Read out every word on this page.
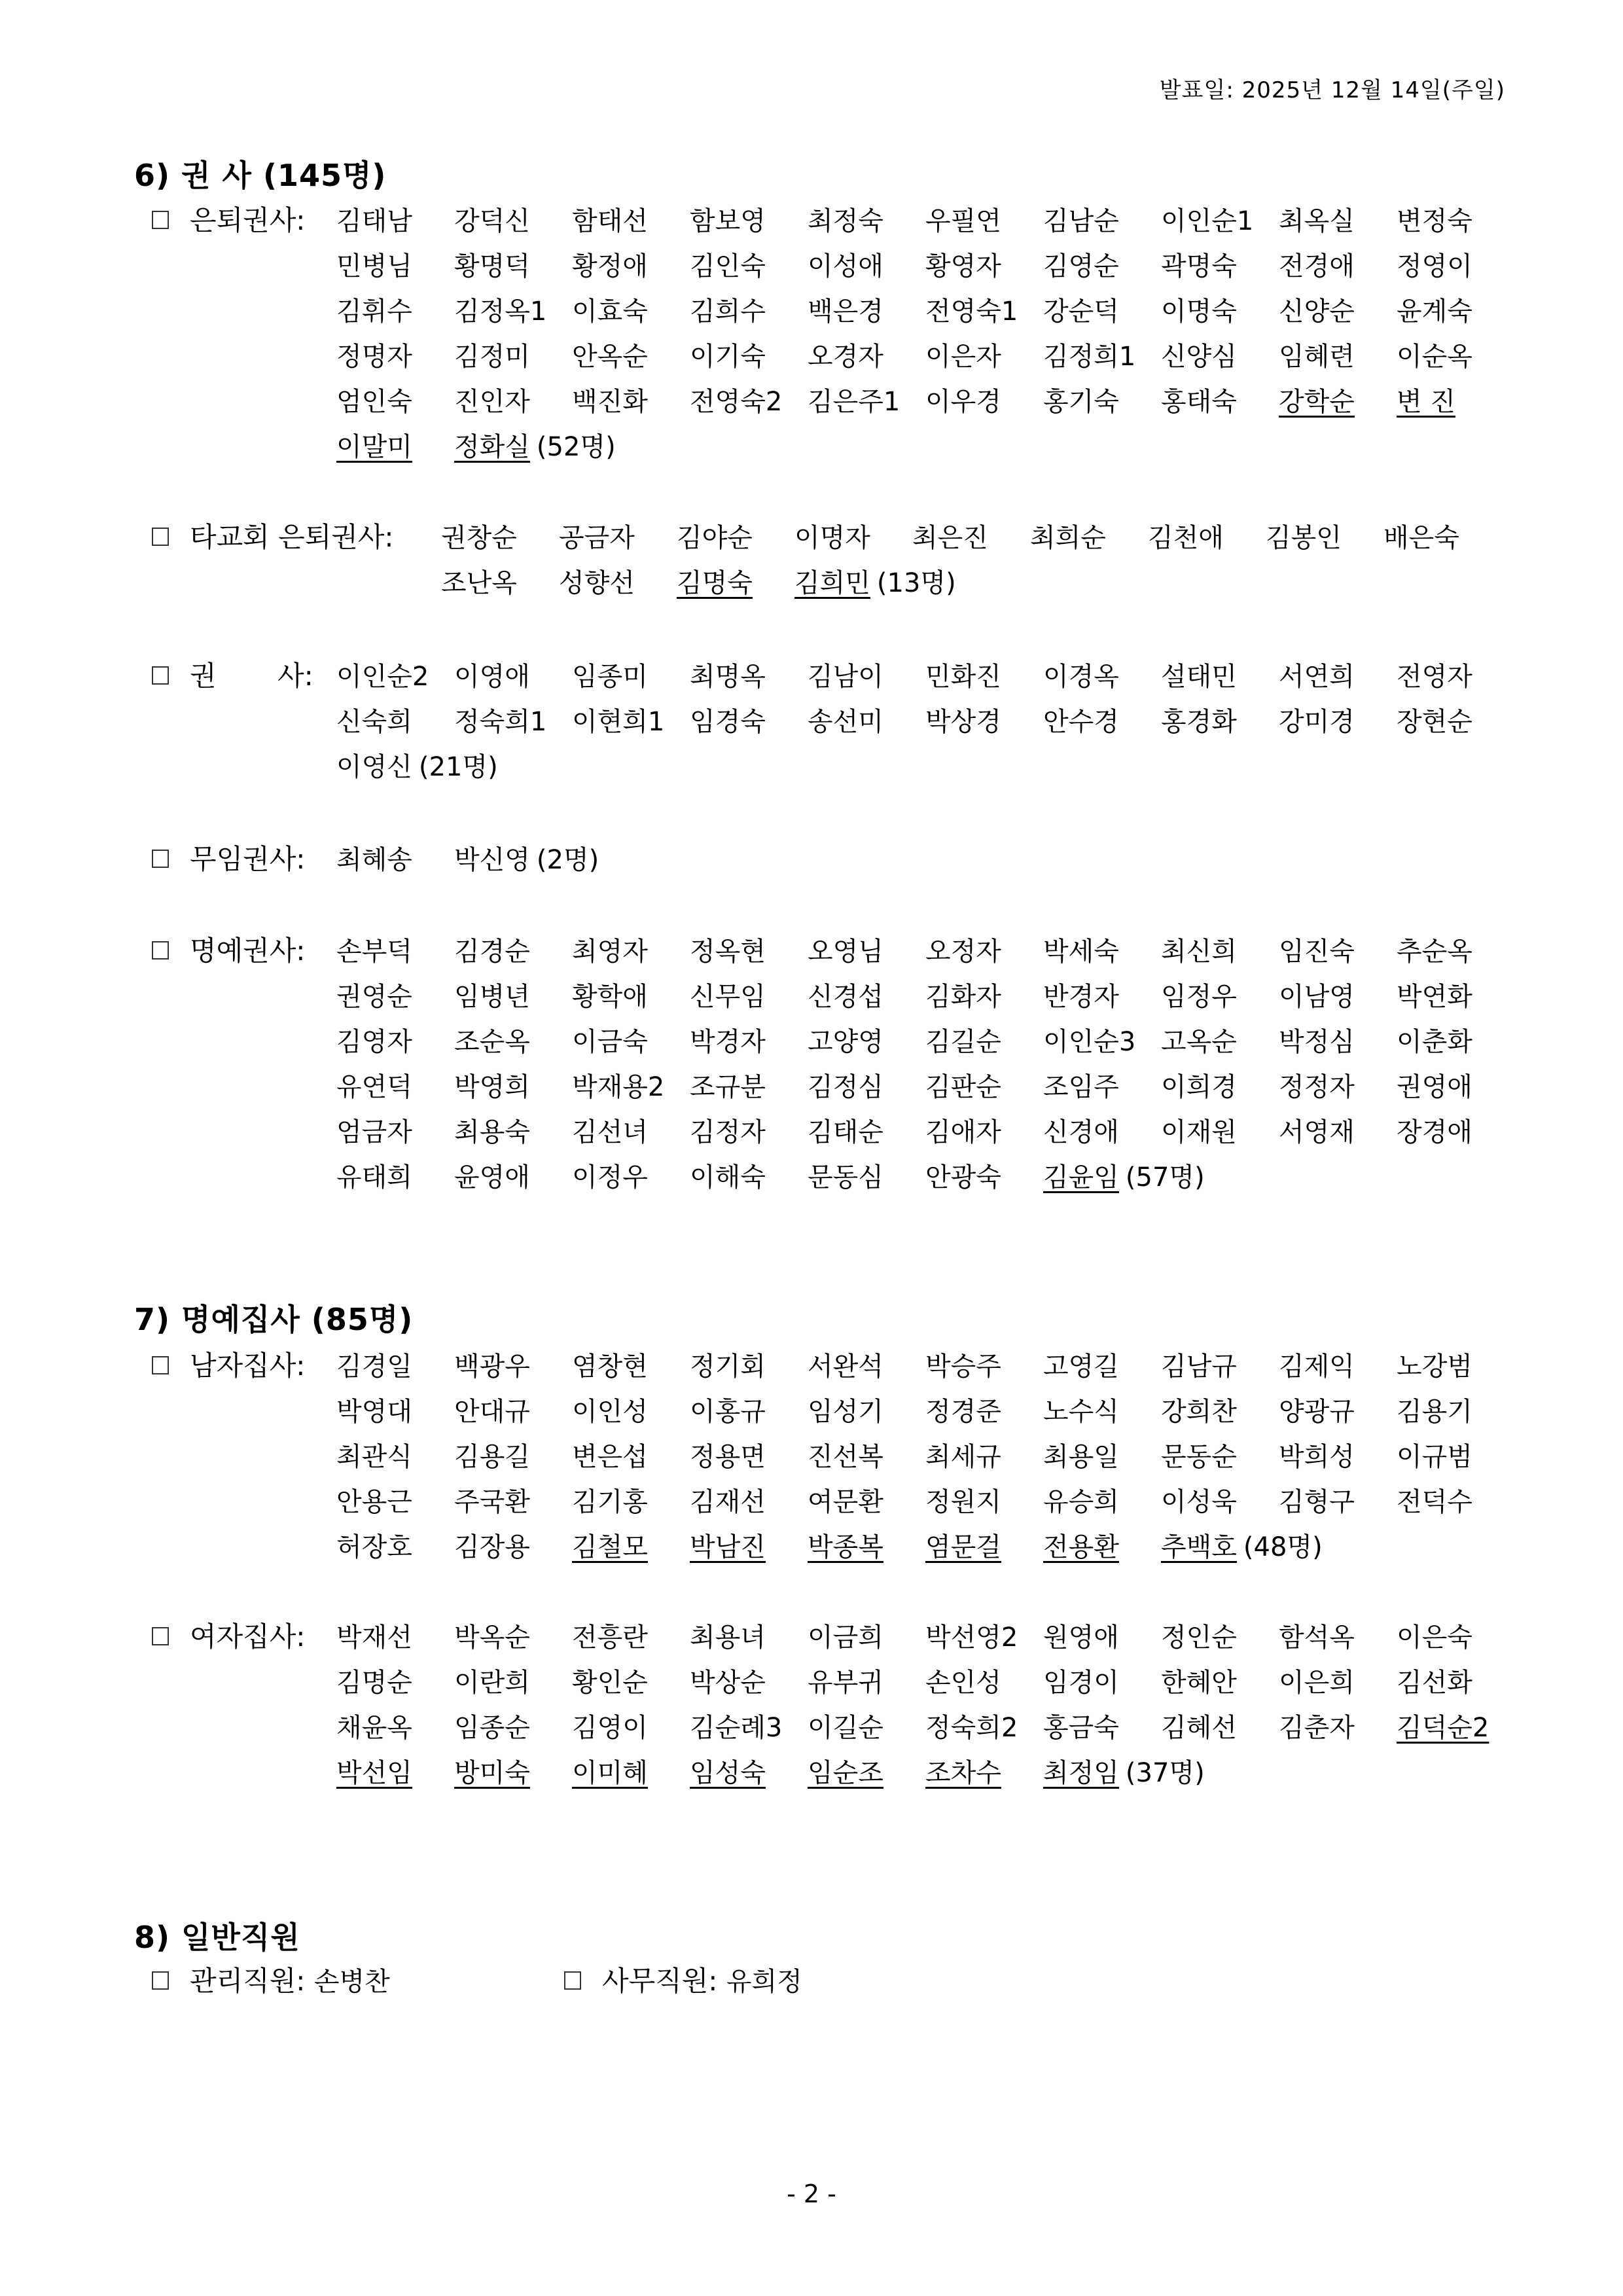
발표일: 2025년 12월 14일(주일)
6) 권 사 (145명)
은퇴권사: 김태남	강덕신	함태선	함보영	최정숙	우필연	김남순	이인순1 최옥실	변정숙
민병님	황명덕	황정애	김인숙	이성애	황영자	김영순	곽명숙	전경애	정영이
김휘수	김정옥1 이효숙	김희수	백은경	전영숙1 강순덕	이명숙	신양순	윤계숙
정명자	김정미	안옥순	이기숙	오경자	이은자	김정희1 신양심	임혜련	이순옥
엄인숙	진인자	백진화	전영숙2 김은주1 이우경	홍기숙	홍태숙	강학순	변 진
이말미	정화실 (52명)
타교회 은퇴권사: 권창순	공금자	김야순	이명자	최은진	최희순	김천애	김봉인	배은숙
조난옥	성향선	김명숙	김희민 (13명)
권       사: 이인순2 이영애	임종미	최명옥	김남이	민화진	이경옥	설태민	서연희	전영자
신숙희	정숙희1 이현희1 임경숙	송선미	박상경	안수경	홍경화	강미경	장현순
이영신 (21명)
무임권사: 최혜송	박신영 (2명)
명예권사: 손부덕	김경순	최영자	정옥현	오영님	오정자	박세숙	최신희	임진숙	추순옥
권영순	임병년	황학애	신무임	신경섭	김화자	반경자	임정우	이남영	박연화
김영자	조순옥	이금숙	박경자	고양영	김길순	이인순3 고옥순	박정심	이춘화
유연덕	박영희	박재용2 조규분	김정심	김판순	조임주	이희경	정정자	권영애
엄금자	최용숙	김선녀	김정자	김태순	김애자	신경애	이재원	서영재	장경애
유태희	윤영애	이정우	이해숙	문동심	안광숙	김윤임 (57명)
7) 명예집사 (85명)
남자집사: 김경일	백광우	염창현	정기회	서완석	박승주	고영길	김남규	김제익	노강범
박영대	안대규	이인성	이홍규	임성기	정경준	노수식	강희찬	양광규	김용기
최관식	김용길	변은섭	정용면	진선복	최세규	최용일	문동순	박희성	이규범
안용근	주국환	김기홍	김재선	여문환	정원지	유승희	이성욱	김형구	전덕수
허장호	김장용	김철모	박남진	박종복	염문걸	전용환	추백호 (48명)
여자집사: 박재선	박옥순	전흥란	최용녀	이금희	박선영2 원영애	정인순	함석옥	이은숙
김명순	이란희	황인순	박상순	유부귀	손인성	임경이	한혜안	이은희	김선화
채윤옥	임종순	김영이	김순례3 이길순	정숙희2 홍금숙	김혜선	김춘자	김덕순2
박선임	방미숙	이미혜	임성숙	임순조	조차수	최정임 (37명)
8) 일반직원
관리직원: 손병찬	사무직원: 유희정
- 2 -
